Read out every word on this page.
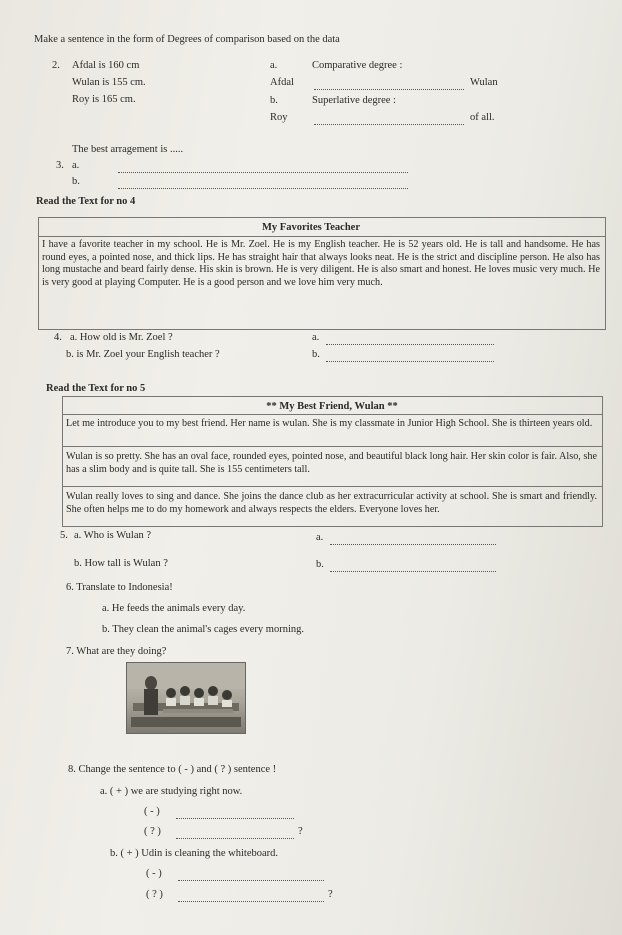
Make a sentence in the form of Degrees of comparison based on the data
2. Afdal is 160 cm
Wulan is 155 cm.
Roy is 165 cm.
a.	Comparative degree :
Afdal	Wulan
b.	Superlative degree :
Roy	of all.
The best arragement is .....
3. a.
b.
Read the Text for no 4
My Favorites Teacher
I have a favorite teacher in my school. He is Mr. Zoel. He is my English teacher. He is 52 years old. He is tall and handsome. He has round eyes, a pointed nose, and thick lips. He has straight hair that always looks neat. He is the strict and discipline person. He also has long mustache and beard fairly dense. His skin is brown. He is very diligent. He is also smart and honest. He loves music very much. He is very good at playing Computer. He is a good person and we love him very much.
4. a. How old is Mr. Zoel ?
b. is Mr. Zoel your English teacher ?
a.
b.
Read the Text for no 5
** My Best Friend, Wulan **
Let me introduce you to my best friend. Her name is wulan. She is my classmate in Junior High School. She is thirteen years old.
Wulan is so pretty. She has an oval face, rounded eyes, pointed nose, and beautiful black long hair. Her skin color is fair. Also, she has a slim body and is quite tall. She is 155 centimeters tall.
Wulan really loves to sing and dance. She joins the dance club as her extracurricular activity at school. She is smart and friendly. She often helps me to do my homework and always respects the elders. Everyone loves her.
5. a. Who is Wulan ?
b. How tall is Wulan ?
a.
b.
6. Translate to Indonesia!
a. He feeds the animals every day.
b. They clean the animal's cages every morning.
7. What are they doing?
8. Change the sentence to ( - ) and ( ? ) sentence !
a. ( + ) we are studying right now.
( - )
( ? )	?
b. ( + ) Udin is cleaning the whiteboard.
( - )
( ? )	?
